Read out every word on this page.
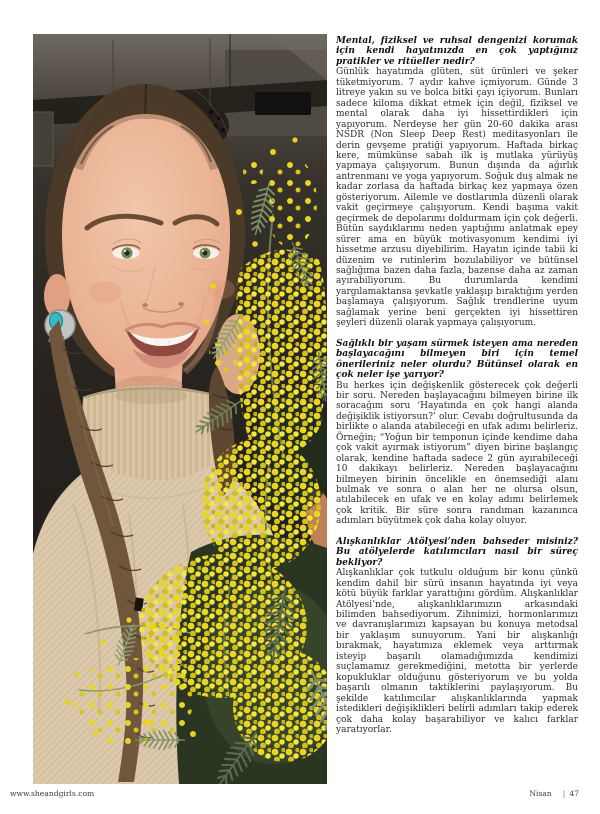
Mental, fiziksel ve ruhsal dengenizi korumak için kendi hayatınızda en çok yaptığınız pratikler ve ritüeller nedir?

Günlük hayatımda glüten, süt ürünleri ve şeker tüketmiyorum. 7 aydır kahve içmiyorum. Günde 3 litreye yakın su ve bolca bitki çayı içiyorum. Bunları sadece kiloma dikkat etmek için değil, fiziksel ve mental olarak daha iyi hissettirdikleri için yapıyorum. Nerdeyse her gün 20-60 dakika arası NSDR (Non Sleep Deep Rest) meditasyonları ile derin gevşeme pratiği yapıyorum. Haftada birkaç kere, mümkünse sabah ilk iş mutlaka yürüyüş yapmaya çalışıyorum. Bunun dışında da ağırlık antrenmanı ve yoga yapıyorum. Soğuk duş almak ne kadar zorlasa da haftada birkaç kez yapmaya özen gösteriyorum. Ailemle ve dostlarımla düzenli olarak vakit geçirmeye çalışıyorum. Kendi başıma vakit geçirmek de depolarımı doldurmam için çok değerli. Bütün saydıklarımı neden yaptığımı anlatmak epey sürer ama en büyük motivasyonum kendimi iyi hissetme arzusu diyebilirim. Hayatın içinde tabii ki düzenim ve rutinlerim bozulabiliyor ve bütünsel sağlığıma bazen daha fazla, bazense daha az zaman ayırabiliyorum. Bu durumlarda kendimi yargılamaktansa şevkatle yaklaşıp bıraktığım yerden başlamaya çalışıyorum. Sağlık trendlerine uyum sağlamak yerine beni gerçekten iyi hissettiren şeyleri düzenli olarak yapmaya çalışıyorum.

Sağlıklı bir yaşam sürmek isteyen ama nereden başlayacağını bilmeyen biri için temel önerileriniz neler olurdu? Bütünsel olarak en çok neler işe yarıyor?

Bu herkes için değişkenlik gösterecek çok değerli bir soru. Nereden başlayacağını bilmeyen birine ilk soracağım soru ‘Hayatında en çok hangi alanda değişiklik istiyorsun?’ olur. Cevabı doğrultusunda da birlikte o alanda atabileceği en ufak adımı belirleriz. Örneğin; “Yoğun bir temponun içinde kendime daha çok vakit ayırmak istiyorum” diyen birine başlangıç olarak, kendine haftada sadece 2 gün ayırabileceği 10 dakikayı belirleriz. Nereden başlayacağını bilmeyen birinin öncelikle en önemsediği alanı bulmak ve sonra o alan her ne olursa olsun, atılabilecek en ufak ve en kolay adımı belirlemek çok kritik. Bir süre sonra randıman kazanınca adımları büyütmek çok daha kolay oluyor.

Alışkanlıklar Atölyesi’nden bahseder misiniz? Bu atölyelerde katılımcıları nasıl bir süreç bekliyor?

Alışkanlıklar çok tutkulu olduğum bir konu çünkü kendim dahil bir sürü insanın hayatında iyi veya kötü büyük farklar yarattığını gördüm. Alışkanlıklar Atölyesi’nde, alışkanlıklarımızın arkasındaki bilimden bahsediyorum. Zihnimizi, hormonlarımızı ve davranışlarımızı kapsayan bu konuya metodsal bir yaklaşım sunuyorum. Yani bir alışkanlığı bırakmak, hayatımıza eklemek veya arttırmak isteyip başarılı olamadığımızda kendimizi suçlamamız gerekmediğini, metotta bir yerlerde kopukluklar olduğunu gösteriyorum ve bu yolda başarılı olmanın taktiklerini paylaşıyorum. Bu şekilde katılımcılar alışkanlıklarında yapmak istedikleri değişiklikleri belirli adımları takip ederek çok daha kolay başarabiliyor ve kalıcı farklar yaratıyorlar.

www.sheandgirls.com	Nisan | 47
